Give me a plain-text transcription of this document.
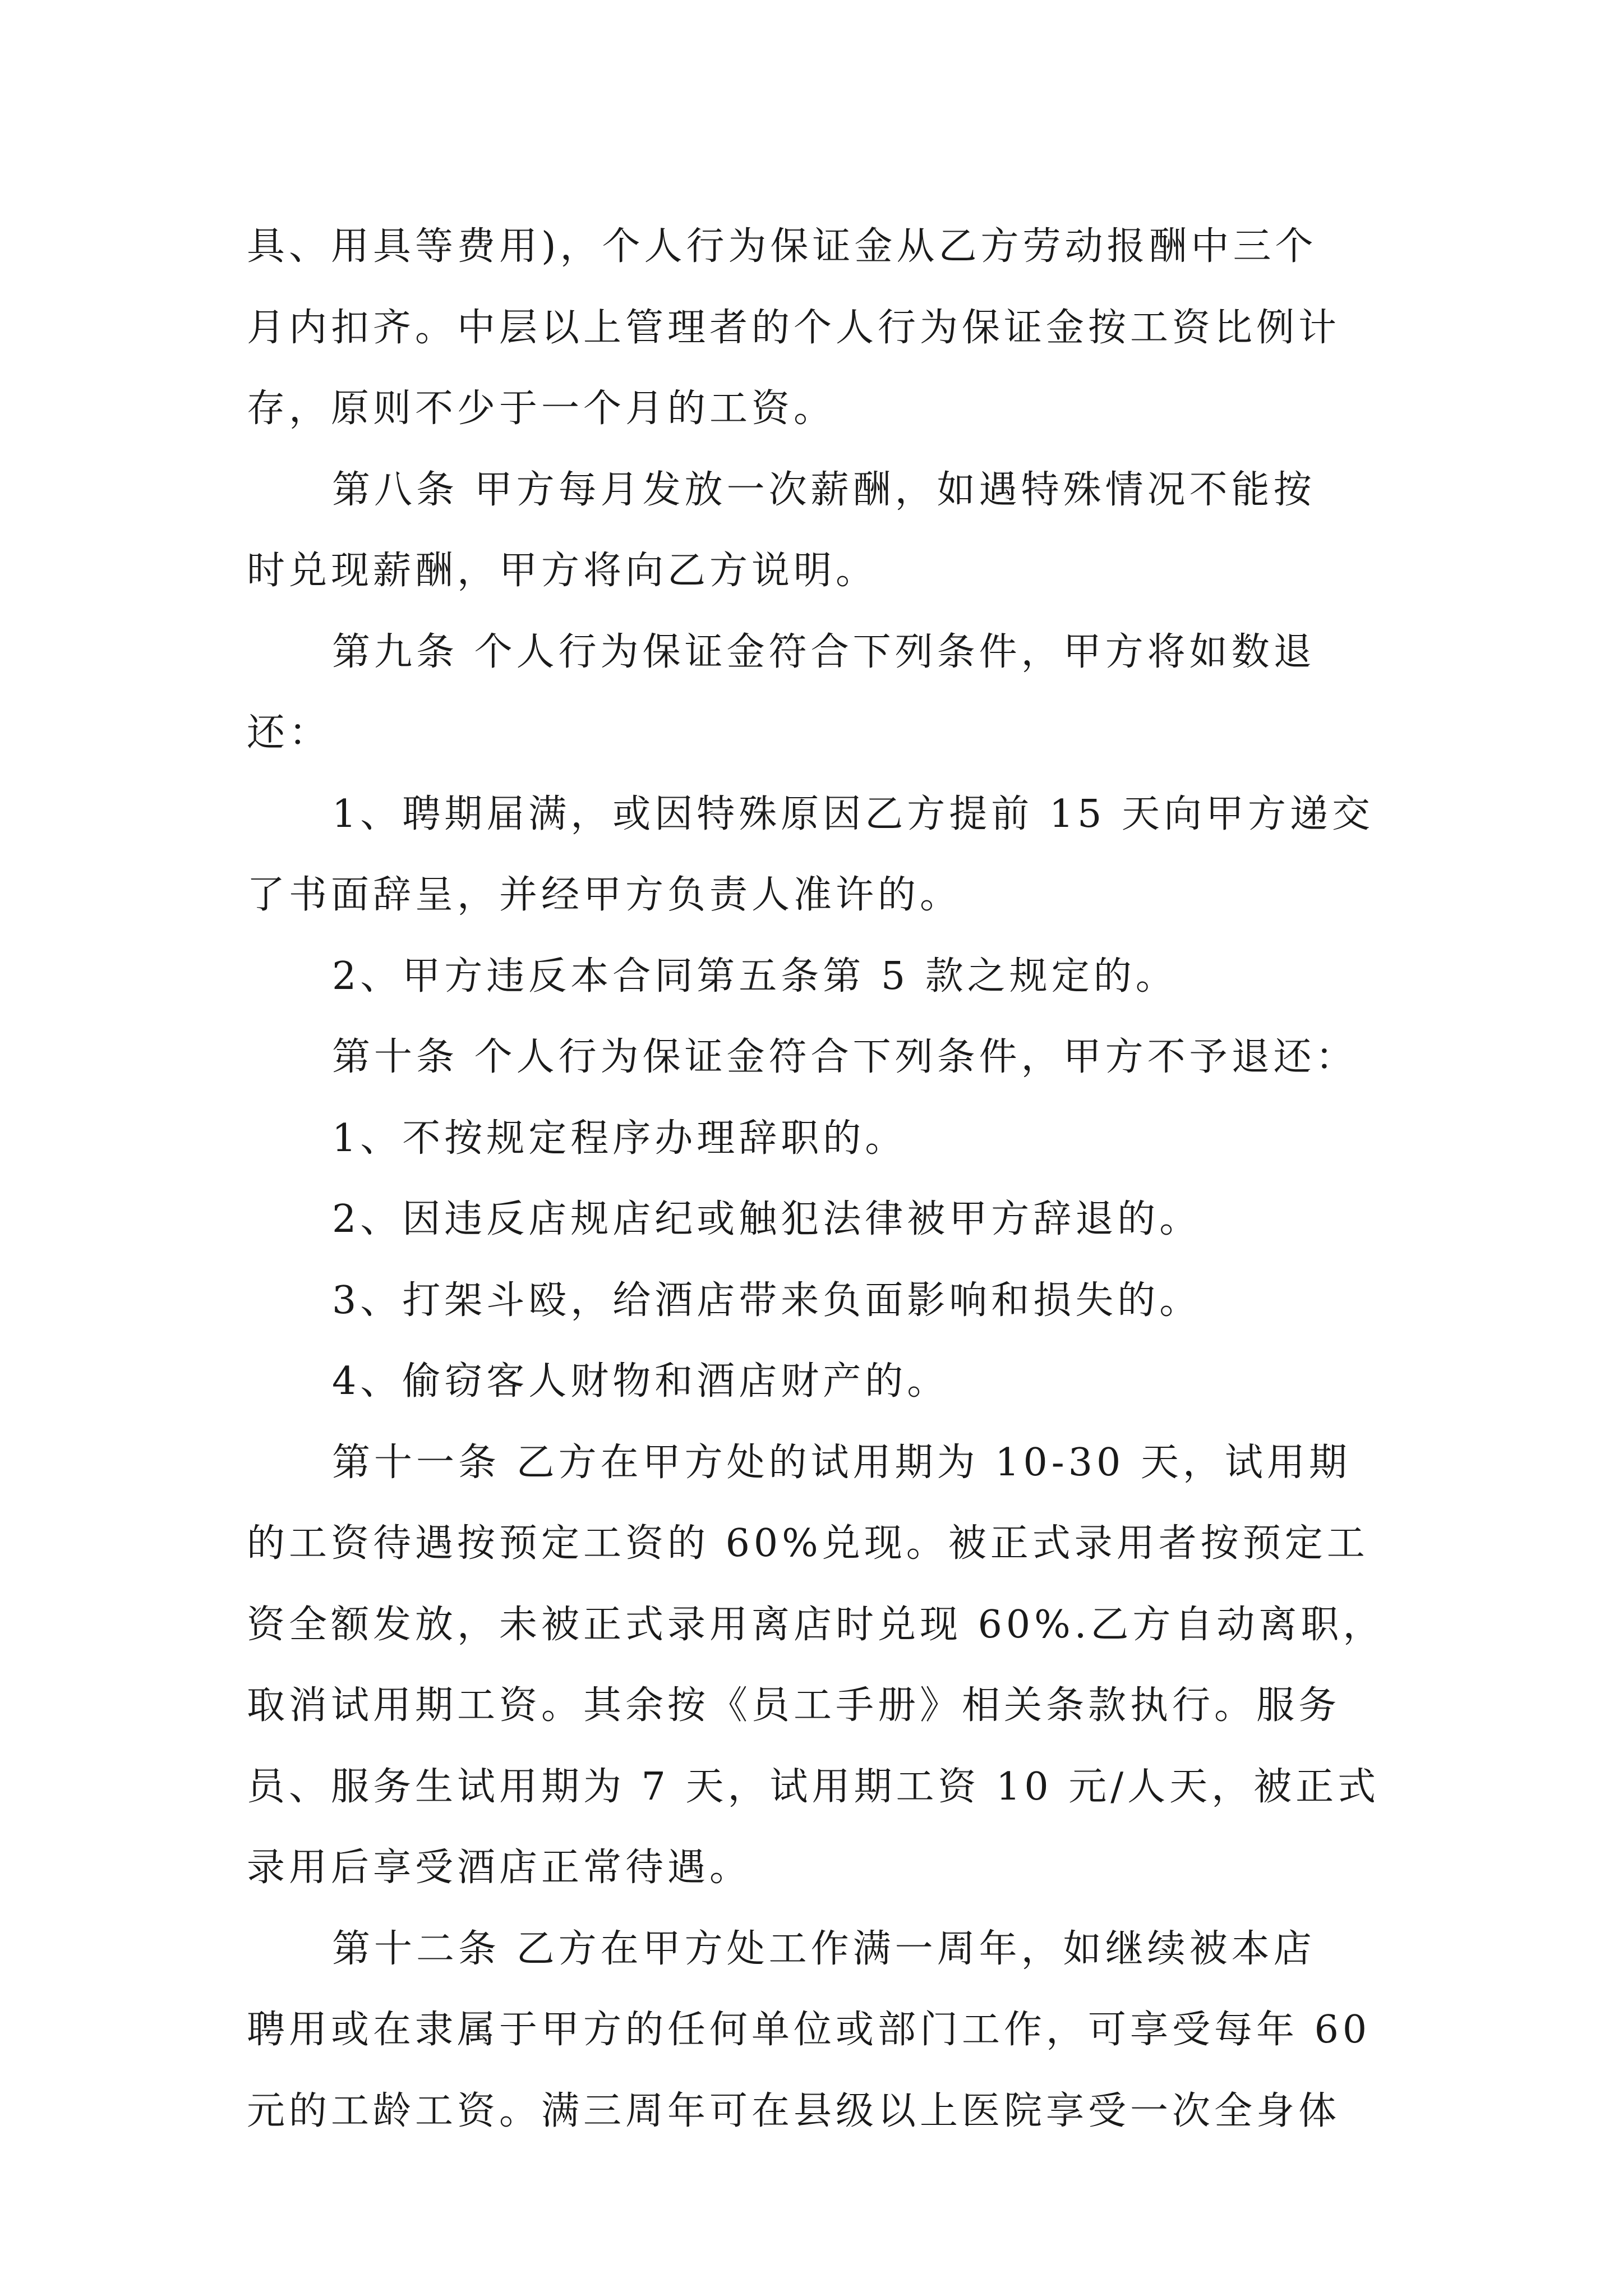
具、用具等费用)，个人行为保证金从乙方劳动报酬中三个
月内扣齐。中层以上管理者的个人行为保证金按工资比例计
存，原则不少于一个月的工资。
第八条 甲方每月发放一次薪酬，如遇特殊情况不能按
时兑现薪酬，甲方将向乙方说明。
第九条 个人行为保证金符合下列条件，甲方将如数退
还：
1、聘期届满，或因特殊原因乙方提前 15 天向甲方递交
了书面辞呈，并经甲方负责人准许的。
2、甲方违反本合同第五条第 5 款之规定的。
第十条 个人行为保证金符合下列条件，甲方不予退还：
1、不按规定程序办理辞职的。
2、因违反店规店纪或触犯法律被甲方辞退的。
3、打架斗殴，给酒店带来负面影响和损失的。
4、偷窃客人财物和酒店财产的。
第十一条 乙方在甲方处的试用期为 10-30 天，试用期
的工资待遇按预定工资的 60%兑现。被正式录用者按预定工
资全额发放，未被正式录用离店时兑现 60%.乙方自动离职，
取消试用期工资。其余按《员工手册》相关条款执行。服务
员、服务生试用期为 7 天，试用期工资 10 元/人天，被正式
录用后享受酒店正常待遇。
第十二条 乙方在甲方处工作满一周年，如继续被本店
聘用或在隶属于甲方的任何单位或部门工作，可享受每年 60
元的工龄工资。满三周年可在县级以上医院享受一次全身体
